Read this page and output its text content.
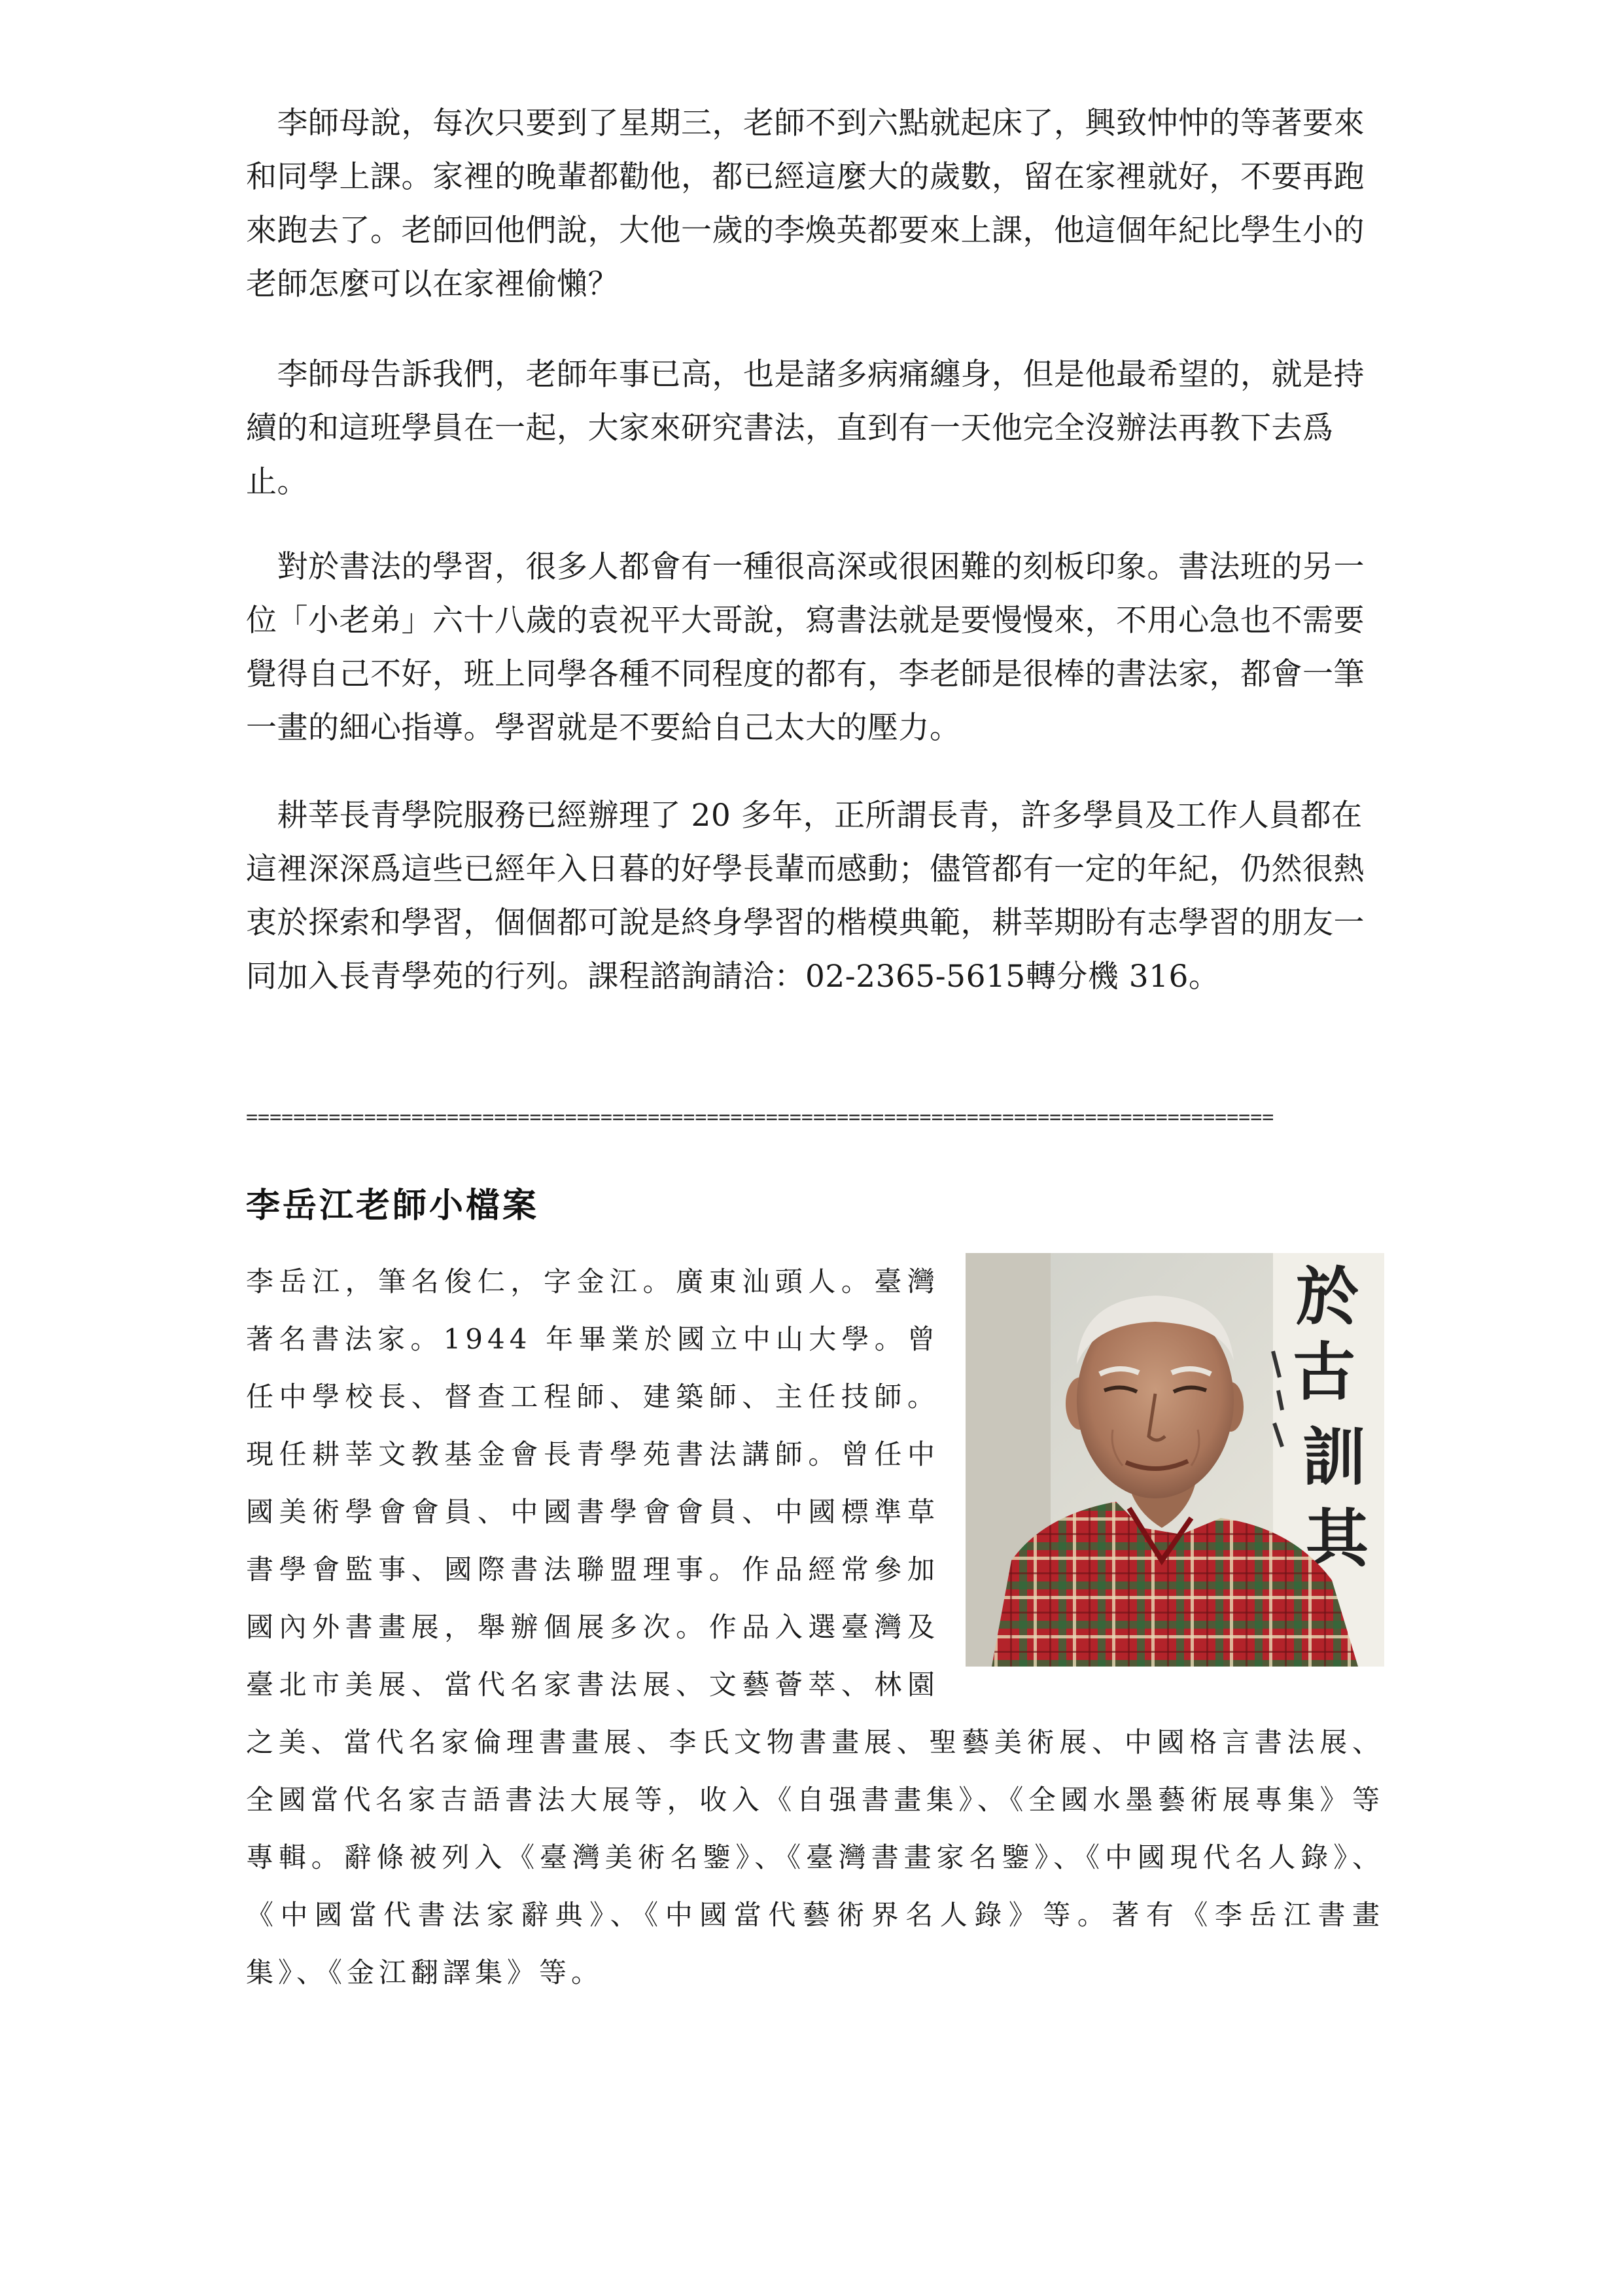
　李師母說，每次只要到了星期三，老師不到六點就起床了，興致忡忡的等著要來和同學上課。家裡的晚輩都勸他，都已經這麼大的歲數，留在家裡就好，不要再跑來跑去了。老師回他們說，大他一歲的李煥英都要來上課，他這個年紀比學生小的老師怎麼可以在家裡偷懶？

　李師母告訴我們，老師年事已高，也是諸多病痛纏身，但是他最希望的，就是持續的和這班學員在一起，大家來研究書法，直到有一天他完全沒辦法再教下去爲止。

　對於書法的學習，很多人都會有一種很高深或很困難的刻板印象。書法班的另一位「小老弟」六十八歲的袁祝平大哥說，寫書法就是要慢慢來，不用心急也不需要覺得自己不好，班上同學各種不同程度的都有，李老師是很棒的書法家，都會一筆一畫的細心指導。學習就是不要給自己太大的壓力。

　耕莘長青學院服務已經辦理了 20 多年，正所謂長青，許多學員及工作人員都在這裡深深爲這些已經年入日暮的好學長輩而感動；儘管都有一定的年紀，仍然很熱衷於探索和學習，個個都可說是終身學習的楷模典範，耕莘期盼有志學習的朋友一同加入長青學苑的行列。課程諮詢請洽：02-2365-5615轉分機 316。

=======================================================================================
李岳江老師小檔案
於
古
訓
其
李岳江，筆名俊仁，字金江。廣東汕頭人。臺灣著名書法家。1944 年畢業於國立中山大學。曾任中學校長、督查工程師、建築師、主任技師。現任耕莘文教基金會長青學苑書法講師。曾任中國美術學會會員、中國書學會會員、中國標準草書學會監事、國際書法聯盟理事。作品經常參加國內外書畫展，舉辦個展多次。作品入選臺灣及臺北市美展、當代名家書法展、文藝薈萃、林園之美、當代名家倫理書畫展、李氏文物書畫展、聖藝美術展、中國格言書法展、全國當代名家吉語書法大展等，收入《自强書畫集》、《全國水墨藝術展專集》等專輯。辭條被列入《臺灣美術名鑒》、《臺灣書畫家名鑒》、《中國現代名人錄》、《中國當代書法家辭典》、《中國當代藝術界名人錄》等。著有《李岳江書畫集》、《金江翻譯集》等。
